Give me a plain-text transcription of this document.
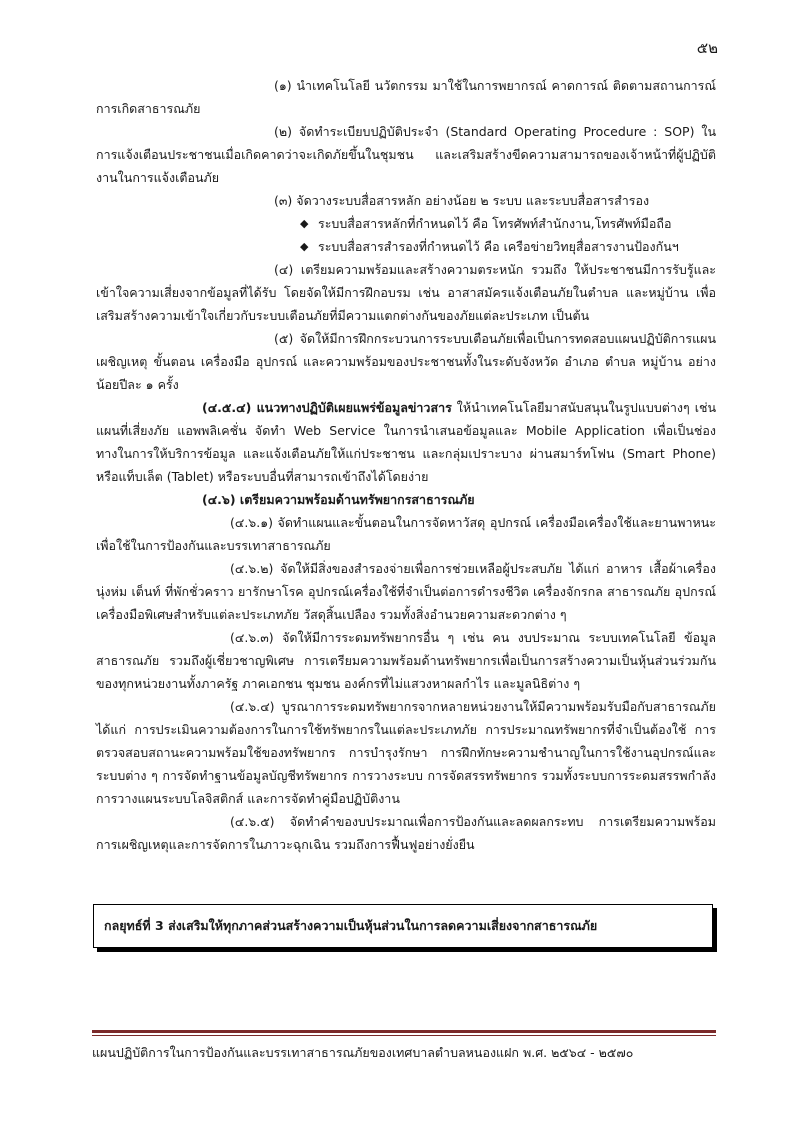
๕๒

(๑) นำเทคโนโลยี นวัตกรรม มาใช้ในการพยากรณ์ คาดการณ์ ติดตามสถานการณ์การเกิดสาธารณภัย

(๒) จัดทำระเบียบปฏิบัติประจำ (Standard Operating Procedure : SOP) ในการแจ้งเตือนประชาชนเมื่อเกิดคาดว่าจะเกิดภัยขึ้นในชุมชน และเสริมสร้างขีดความสามารถของเจ้าหน้าที่ผู้ปฏิบัติงานในการแจ้งเตือนภัย

(๓) จัดวางระบบสื่อสารหลัก อย่างน้อย ๒ ระบบ และระบบสื่อสารสำรอง

◆ ระบบสื่อสารหลักที่กำหนดไว้ คือ โทรศัพท์สำนักงาน,โทรศัพท์มือถือ
◆ ระบบสื่อสารสำรองที่กำหนดไว้ คือ เครือข่ายวิทยุสื่อสารงานป้องกันฯ

(๔) เตรียมความพร้อมและสร้างความตระหนัก รวมถึง ให้ประชาชนมีการรับรู้และเข้าใจความเสี่ยงจากข้อมูลที่ได้รับ โดยจัดให้มีการฝึกอบรม เช่น อาสาสมัครแจ้งเตือนภัยในตำบล และหมู่บ้าน เพื่อเสริมสร้างความเข้าใจเกี่ยวกับระบบเตือนภัยที่มีความแตกต่างกันของภัยแต่ละประเภท เป็นต้น

(๕) จัดให้มีการฝึกกระบวนการระบบเตือนภัยเพื่อเป็นการทดสอบแผนปฏิบัติการแผนเผชิญเหตุ ขั้นตอน เครื่องมือ อุปกรณ์ และความพร้อมของประชาชนทั้งในระดับจังหวัด อำเภอ ตำบล หมู่บ้าน อย่างน้อยปีละ ๑ ครั้ง

(๔.๕.๔) แนวทางปฏิบัติเผยแพร่ข้อมูลข่าวสาร ให้นำเทคโนโลยีมาสนับสนุนในรูปแบบต่างๆ เช่น แผนที่เสี่ยงภัย แอพพลิเคชั่น จัดทำ Web Service ในการนำเสนอข้อมูลและ Mobile Application เพื่อเป็นช่องทางในการให้บริการข้อมูล และแจ้งเตือนภัยให้แก่ประชาชน และกลุ่มเปราะบาง ผ่านสมาร์ทโฟน (Smart Phone) หรือแท็บเล็ต (Tablet) หรือระบบอื่นที่สามารถเข้าถึงได้โดยง่าย

(๔.๖) เตรียมความพร้อมด้านทรัพยากรสาธารณภัย

(๔.๖.๑) จัดทำแผนและขั้นตอนในการจัดหาวัสดุ อุปกรณ์ เครื่องมือเครื่องใช้และยานพาหนะ เพื่อใช้ในการป้องกันและบรรเทาสาธารณภัย

(๔.๖.๒) จัดให้มีสิ่งของสำรองจ่ายเพื่อการช่วยเหลือผู้ประสบภัย ได้แก่ อาหาร เสื้อผ้าเครื่องนุ่งห่ม เต็นท์ ที่พักชั่วคราว ยารักษาโรค อุปกรณ์เครื่องใช้ที่จำเป็นต่อการดำรงชีวิต เครื่องจักรกล สาธารณภัย อุปกรณ์เครื่องมือพิเศษสำหรับแต่ละประเภทภัย วัสดุสิ้นเปลือง รวมทั้งสิ่งอำนวยความสะดวกต่าง ๆ

(๔.๖.๓) จัดให้มีการระดมทรัพยากรอื่น ๆ เช่น คน งบประมาณ ระบบเทคโนโลยี ข้อมูลสาธารณภัย รวมถึงผู้เชี่ยวชาญพิเศษ การเตรียมความพร้อมด้านทรัพยากรเพื่อเป็นการสร้างความเป็นหุ้นส่วนร่วมกันของทุกหน่วยงานทั้งภาครัฐ ภาคเอกชน ชุมชน องค์กรที่ไม่แสวงหาผลกำไร และมูลนิธิต่าง ๆ

(๔.๖.๔) บูรณาการระดมทรัพยากรจากหลายหน่วยงานให้มีความพร้อมรับมือกับสาธารณภัย ได้แก่ การประเมินความต้องการในการใช้ทรัพยากรในแต่ละประเภทภัย การประมาณทรัพยากรที่จำเป็นต้องใช้ การตรวจสอบสถานะความพร้อมใช้ของทรัพยากร การบำรุงรักษา การฝึกทักษะความชำนาญในการใช้งานอุปกรณ์และระบบต่าง ๆ การจัดทำฐานข้อมูลบัญชีทรัพยากร การวางระบบ การจัดสรรทรัพยากร รวมทั้งระบบการระดมสรรพกำลัง การวางแผนระบบโลจิสติกส์ และการจัดทำคู่มือปฏิบัติงาน

(๔.๖.๕) จัดทำคำของบประมาณเพื่อการป้องกันและลดผลกระทบ การเตรียมความพร้อม การเผชิญเหตุและการจัดการในภาวะฉุกเฉิน รวมถึงการฟื้นฟูอย่างยั่งยืน

กลยุทธ์ที่ 3 ส่งเสริมให้ทุกภาคส่วนสร้างความเป็นหุ้นส่วนในการลดความเสี่ยงจากสาธารณภัย
แผนปฏิบัติการในการป้องกันและบรรเทาสาธารณภัยของเทศบาลตำบลหนองแฝก พ.ศ. ๒๕๖๔ - ๒๕๗๐
